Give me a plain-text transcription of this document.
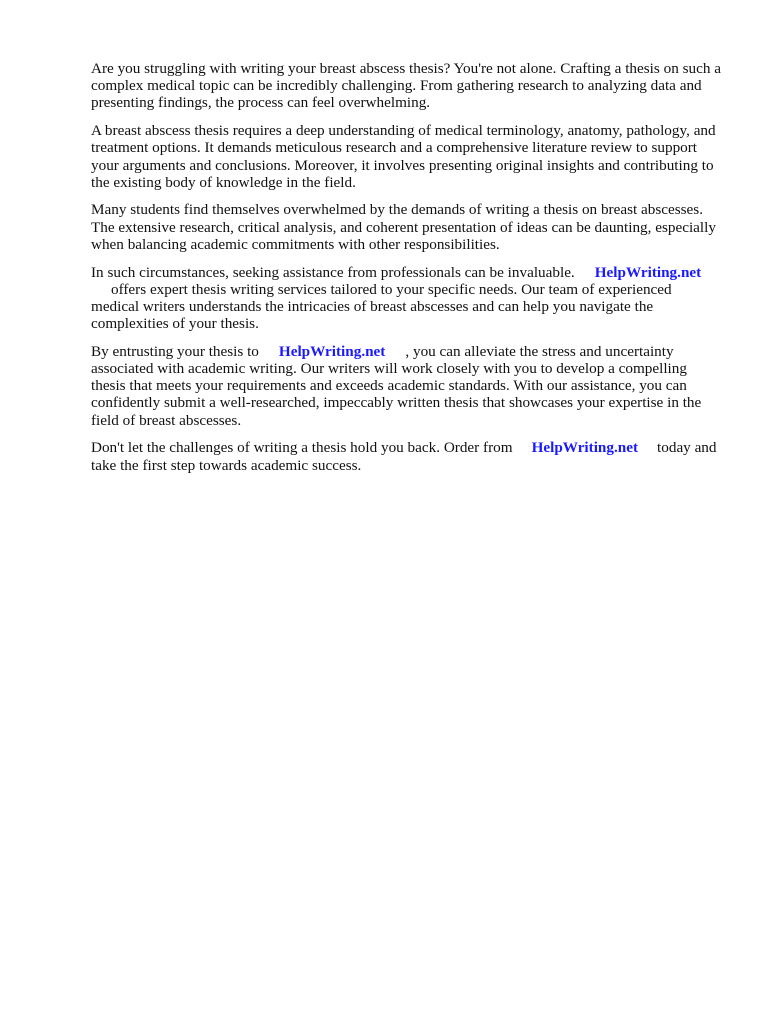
Are you struggling with writing your breast abscess thesis? You're not alone. Crafting a thesis on such a complex medical topic can be incredibly challenging. From gathering research to analyzing data and presenting findings, the process can feel overwhelming.

A breast abscess thesis requires a deep understanding of medical terminology, anatomy, pathology, and treatment options. It demands meticulous research and a comprehensive literature review to support your arguments and conclusions. Moreover, it involves presenting original insights and contributing to the existing body of knowledge in the field.

Many students find themselves overwhelmed by the demands of writing a thesis on breast abscesses. The extensive research, critical analysis, and coherent presentation of ideas can be daunting, especially when balancing academic commitments with other responsibilities.

In such circumstances, seeking assistance from professionals can be invaluable. HelpWriting.net
offers expert thesis writing services tailored to your specific needs. Our team of experienced medical writers understands the intricacies of breast abscesses and can help you navigate the complexities of your thesis.

By entrusting your thesis to HelpWriting.net , you can alleviate the stress and uncertainty associated with academic writing. Our writers will work closely with you to develop a compelling thesis that meets your requirements and exceeds academic standards. With our assistance, you can confidently submit a well-researched, impeccably written thesis that showcases your expertise in the field of breast abscesses.

Don't let the challenges of writing a thesis hold you back. Order from HelpWriting.net today and take the first step towards academic success.
